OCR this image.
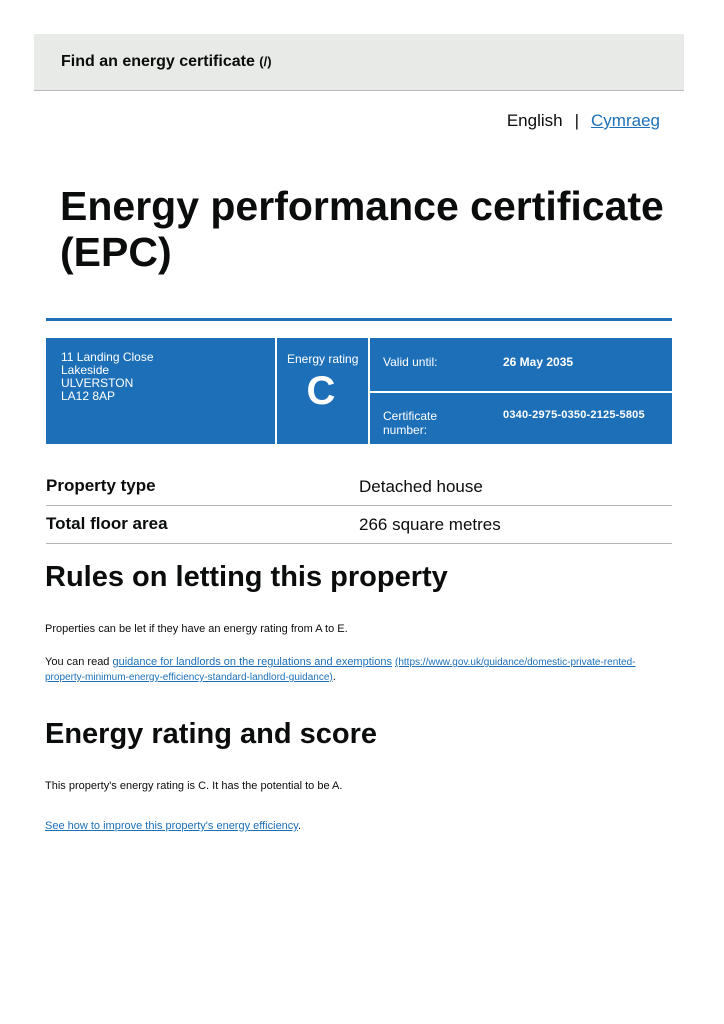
Find an energy certificate (/)
English | Cymraeg
Energy performance certificate (EPC)
11 Landing Close
Lakeside
ULVERSTON
LA12 8AP
Energy rating
C
Valid until:	26 May 2035
Certificate number:
0340-2975-0350-2125-5805
Property type	Detached house
Total floor area	266 square metres
Rules on letting this property

Properties can be let if they have an energy rating from A to E.

You can read guidance for landlords on the regulations and exemptions (https://www.gov.uk/guidance/domestic-private-rented-property-minimum-energy-efficiency-standard-landlord-guidance).

Energy rating and score

This property's energy rating is C. It has the potential to be A.

See how to improve this property's energy efficiency.
